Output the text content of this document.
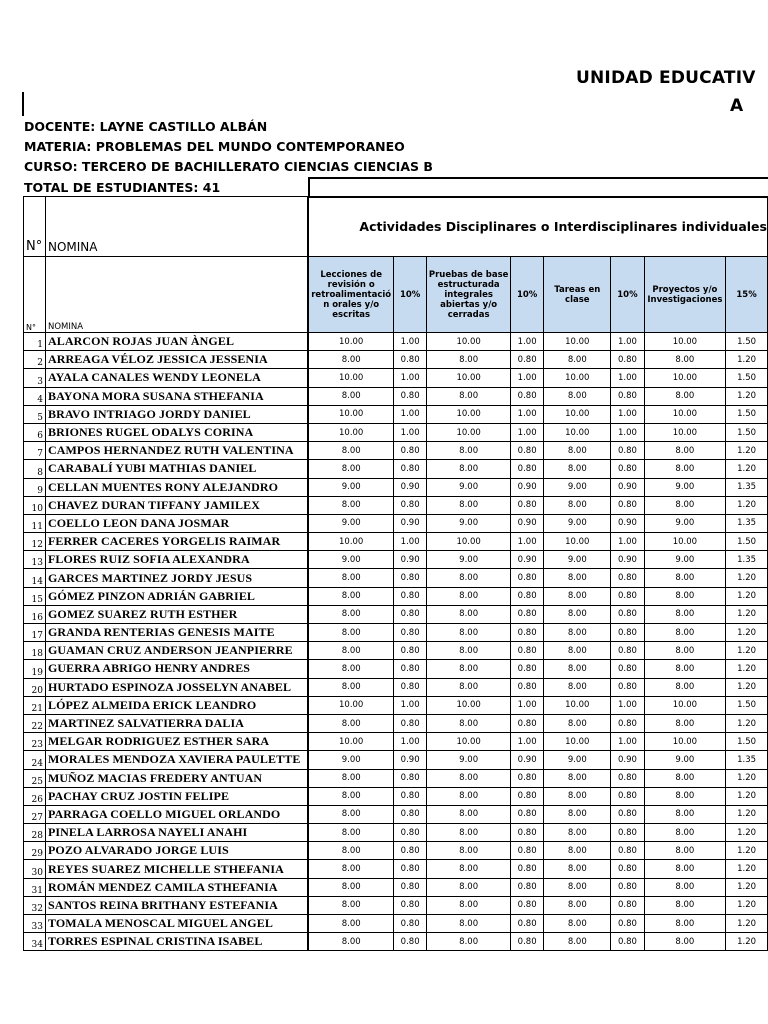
UNIDAD EDUCATIV
A
DOCENTE: LAYNE CASTILLO ALBÁN
MATERIA: PROBLEMAS DEL MUNDO CONTEMPORANEO
CURSO: TERCERO DE BACHILLERATO CIENCIAS CIENCIAS B
TOTAL DE ESTUDIANTES: 41
N°	NOMINA	Actividades Disciplinares o Interdisciplinares individuales							
N°	NOMINA	Lecciones de revisión o retroalimentació n orales y/o escritas	10%	Pruebas de base estructurada integrales abiertas y/o cerradas	10%	Tareas en clase	10%	Proyectos y/o Investigaciones	15%
1	ALARCON ROJAS JUAN ÀNGEL	10.00	1.00	10.00	1.00	10.00	1.00	10.00	1.50
2	ARREAGA VÉLOZ JESSICA JESSENIA	8.00	0.80	8.00	0.80	8.00	0.80	8.00	1.20
3	AYALA CANALES WENDY LEONELA	10.00	1.00	10.00	1.00	10.00	1.00	10.00	1.50
4	BAYONA MORA SUSANA STHEFANIA	8.00	0.80	8.00	0.80	8.00	0.80	8.00	1.20
5	BRAVO INTRIAGO JORDY DANIEL	10.00	1.00	10.00	1.00	10.00	1.00	10.00	1.50
6	BRIONES RUGEL ODALYS CORINA	10.00	1.00	10.00	1.00	10.00	1.00	10.00	1.50
7	CAMPOS HERNANDEZ RUTH VALENTINA	8.00	0.80	8.00	0.80	8.00	0.80	8.00	1.20
8	CARABALÍ YUBI MATHIAS DANIEL	8.00	0.80	8.00	0.80	8.00	0.80	8.00	1.20
9	CELLAN MUENTES RONY ALEJANDRO	9.00	0.90	9.00	0.90	9.00	0.90	9.00	1.35
10	CHAVEZ DURAN TIFFANY JAMILEX	8.00	0.80	8.00	0.80	8.00	0.80	8.00	1.20
11	COELLO LEON DANA JOSMAR	9.00	0.90	9.00	0.90	9.00	0.90	9.00	1.35
12	FERRER CACERES YORGELIS RAIMAR	10.00	1.00	10.00	1.00	10.00	1.00	10.00	1.50
13	FLORES RUIZ SOFIA ALEXANDRA	9.00	0.90	9.00	0.90	9.00	0.90	9.00	1.35
14	GARCES MARTINEZ JORDY JESUS	8.00	0.80	8.00	0.80	8.00	0.80	8.00	1.20
15	GÓMEZ PINZON ADRIÁN GABRIEL	8.00	0.80	8.00	0.80	8.00	0.80	8.00	1.20
16	GOMEZ SUAREZ RUTH ESTHER	8.00	0.80	8.00	0.80	8.00	0.80	8.00	1.20
17	GRANDA RENTERIAS GENESIS MAITE	8.00	0.80	8.00	0.80	8.00	0.80	8.00	1.20
18	GUAMAN CRUZ ANDERSON JEANPIERRE	8.00	0.80	8.00	0.80	8.00	0.80	8.00	1.20
19	GUERRA ABRIGO HENRY ANDRES	8.00	0.80	8.00	0.80	8.00	0.80	8.00	1.20
20	HURTADO ESPINOZA JOSSELYN ANABEL	8.00	0.80	8.00	0.80	8.00	0.80	8.00	1.20
21	LÓPEZ ALMEIDA ERICK LEANDRO	10.00	1.00	10.00	1.00	10.00	1.00	10.00	1.50
22	MARTINEZ SALVATIERRA DALIA	8.00	0.80	8.00	0.80	8.00	0.80	8.00	1.20
23	MELGAR RODRIGUEZ ESTHER SARA	10.00	1.00	10.00	1.00	10.00	1.00	10.00	1.50
24	MORALES MENDOZA XAVIERA PAULETTE	9.00	0.90	9.00	0.90	9.00	0.90	9.00	1.35
25	MUÑOZ MACIAS FREDERY ANTUAN	8.00	0.80	8.00	0.80	8.00	0.80	8.00	1.20
26	PACHAY CRUZ JOSTIN FELIPE	8.00	0.80	8.00	0.80	8.00	0.80	8.00	1.20
27	PARRAGA COELLO MIGUEL ORLANDO	8.00	0.80	8.00	0.80	8.00	0.80	8.00	1.20
28	PINELA LARROSA NAYELI ANAHI	8.00	0.80	8.00	0.80	8.00	0.80	8.00	1.20
29	POZO ALVARADO JORGE LUIS	8.00	0.80	8.00	0.80	8.00	0.80	8.00	1.20
30	REYES SUAREZ MICHELLE STHEFANIA	8.00	0.80	8.00	0.80	8.00	0.80	8.00	1.20
31	ROMÁN MENDEZ CAMILA STHEFANIA	8.00	0.80	8.00	0.80	8.00	0.80	8.00	1.20
32	SANTOS REINA BRITHANY ESTEFANIA	8.00	0.80	8.00	0.80	8.00	0.80	8.00	1.20
33	TOMALA MENOSCAL MIGUEL ANGEL	8.00	0.80	8.00	0.80	8.00	0.80	8.00	1.20
34	TORRES ESPINAL CRISTINA ISABEL	8.00	0.80	8.00	0.80	8.00	0.80	8.00	1.20
